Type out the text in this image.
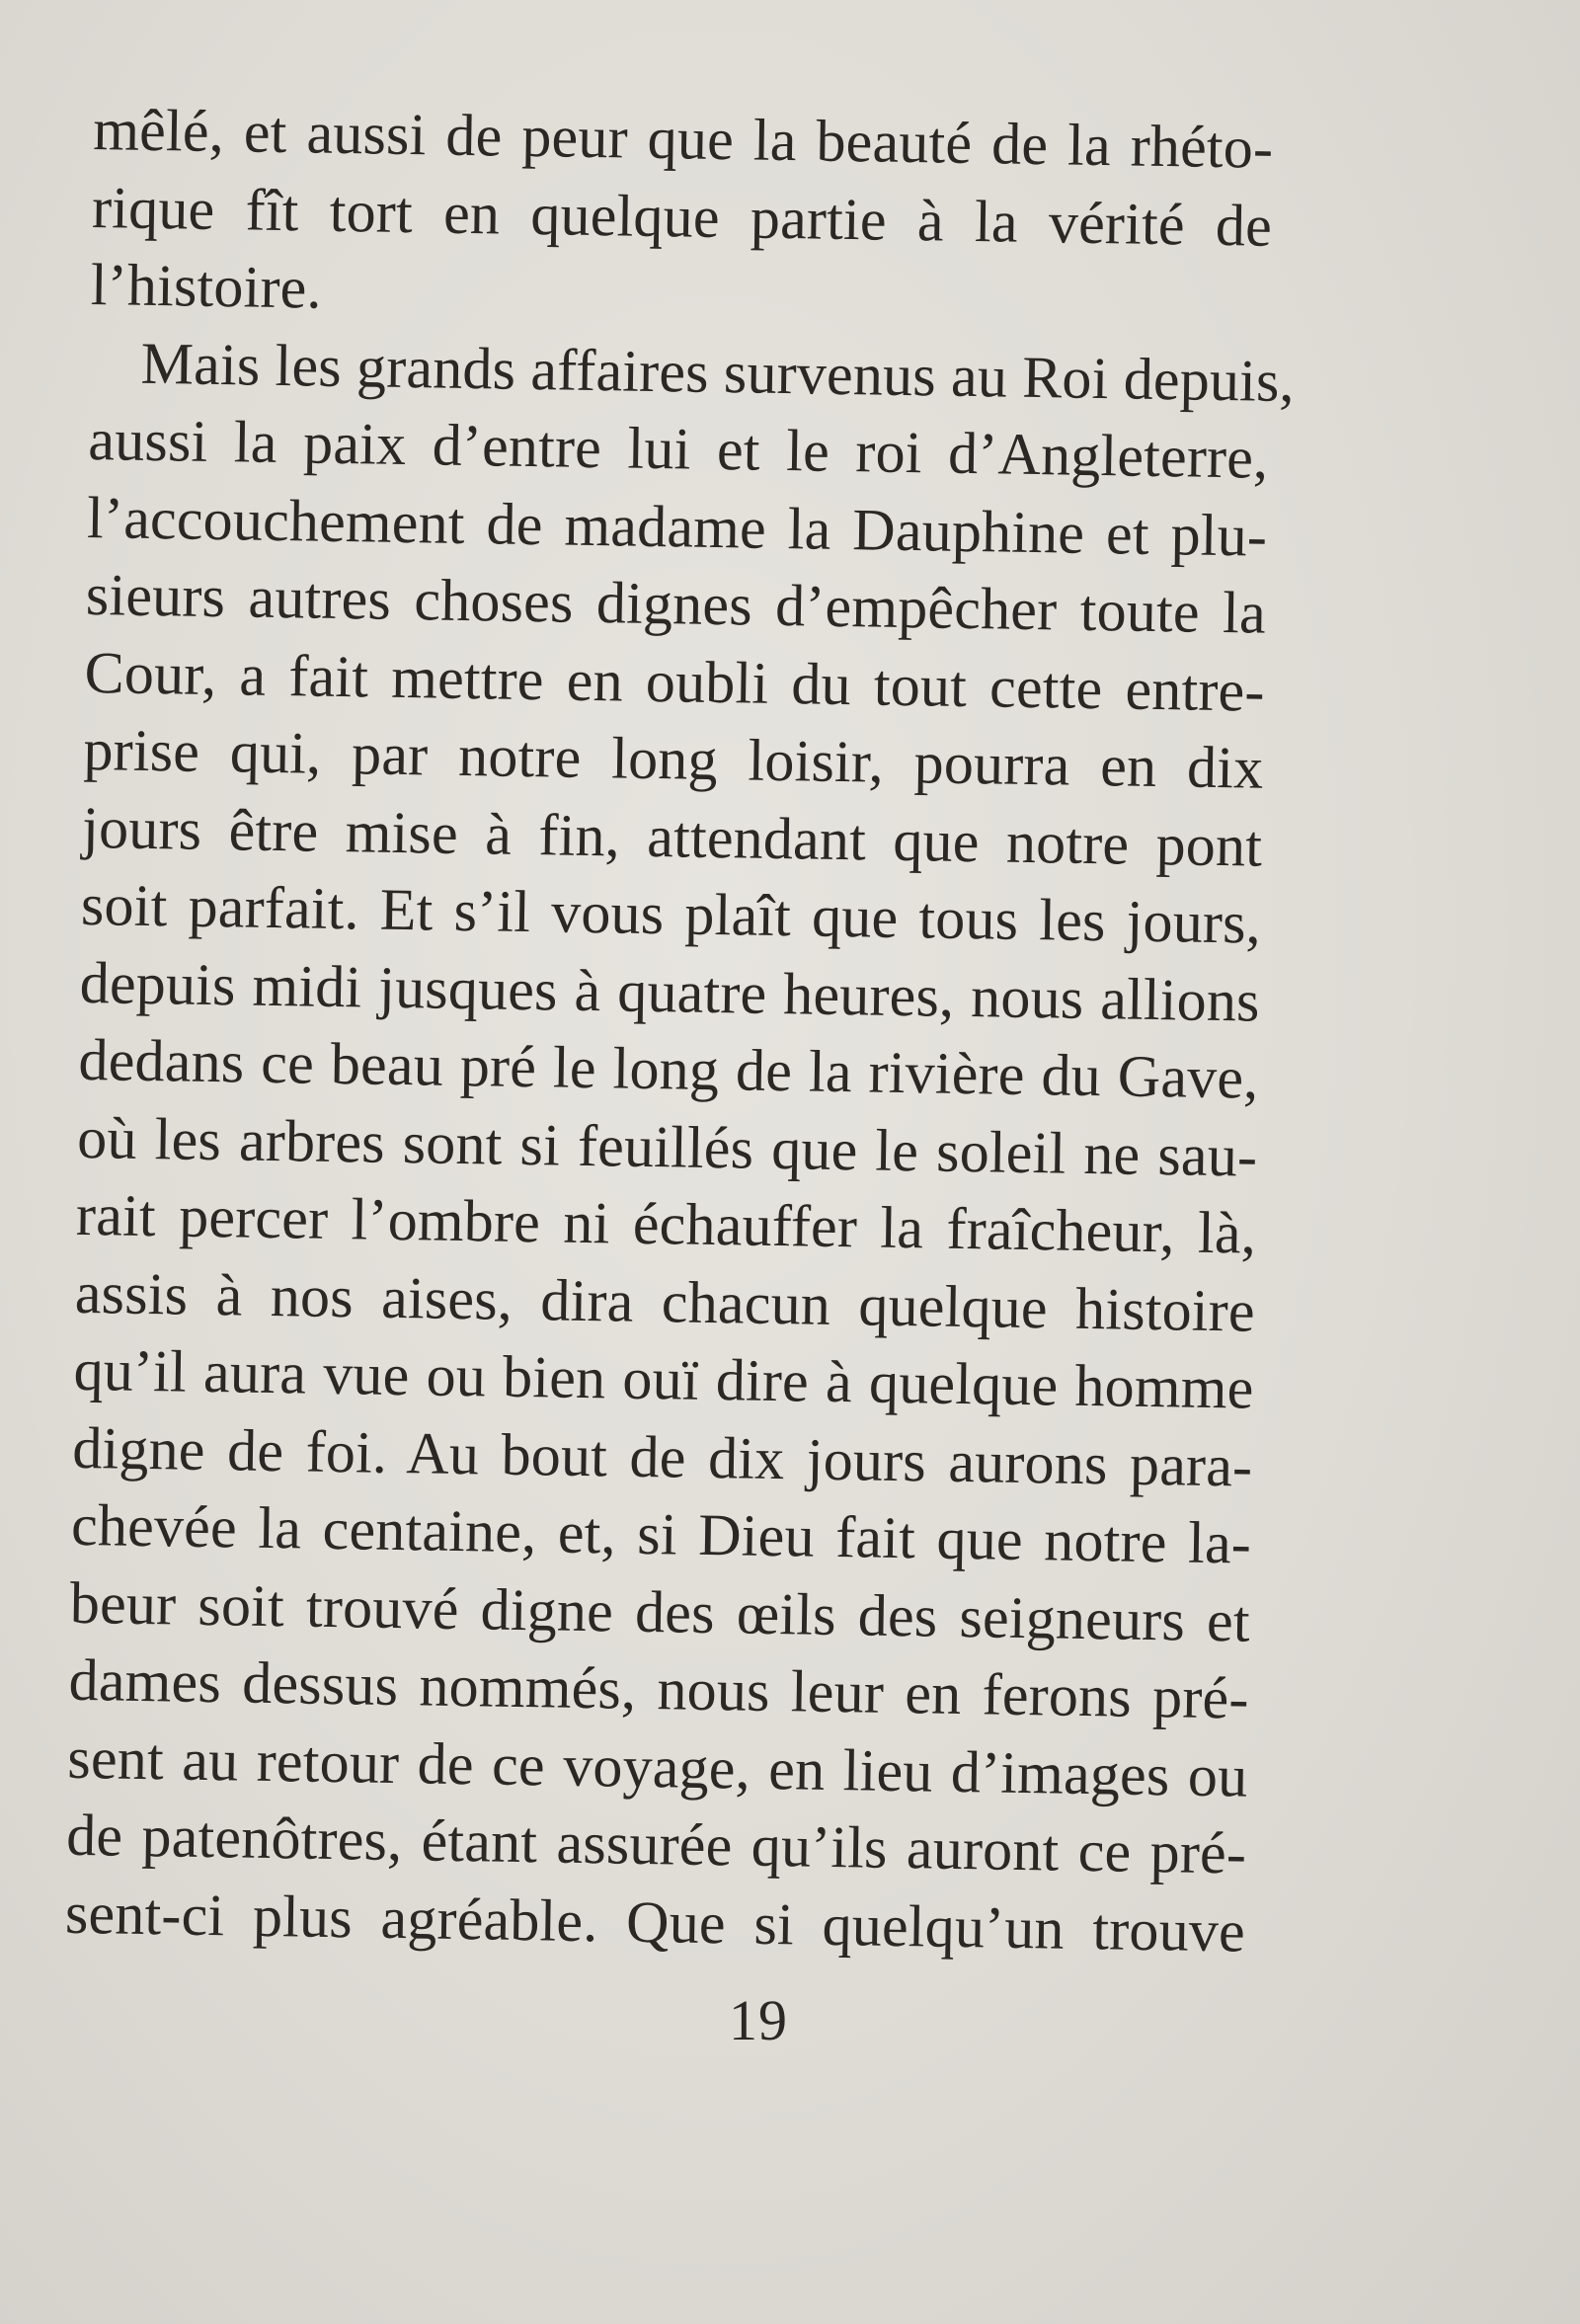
mêlé, et aussi de peur que la beauté de la rhéto-
rique fît tort en quelque partie à la vérité de
l’histoire.
Mais les grands affaires survenus au Roi depuis,
aussi la paix d’entre lui et le roi d’Angleterre,
l’accouchement de madame la Dauphine et plu-
sieurs autres choses dignes d’empêcher toute la
Cour, a fait mettre en oubli du tout cette entre-
prise qui, par notre long loisir, pourra en dix
jours être mise à fin, attendant que notre pont
soit parfait. Et s’il vous plaît que tous les jours,
depuis midi jusques à quatre heures, nous allions
dedans ce beau pré le long de la rivière du Gave,
où les arbres sont si feuillés que le soleil ne sau-
rait percer l’ombre ni échauffer la fraîcheur, là,
assis à nos aises, dira chacun quelque histoire
qu’il aura vue ou bien ouï dire à quelque homme
digne de foi. Au bout de dix jours aurons para-
chevée la centaine, et, si Dieu fait que notre la-
beur soit trouvé digne des œils des seigneurs et
dames dessus nommés, nous leur en ferons pré-
sent au retour de ce voyage, en lieu d’images ou
de patenôtres, étant assurée qu’ils auront ce pré-
sent-ci plus agréable. Que si quelqu’un trouve
19
